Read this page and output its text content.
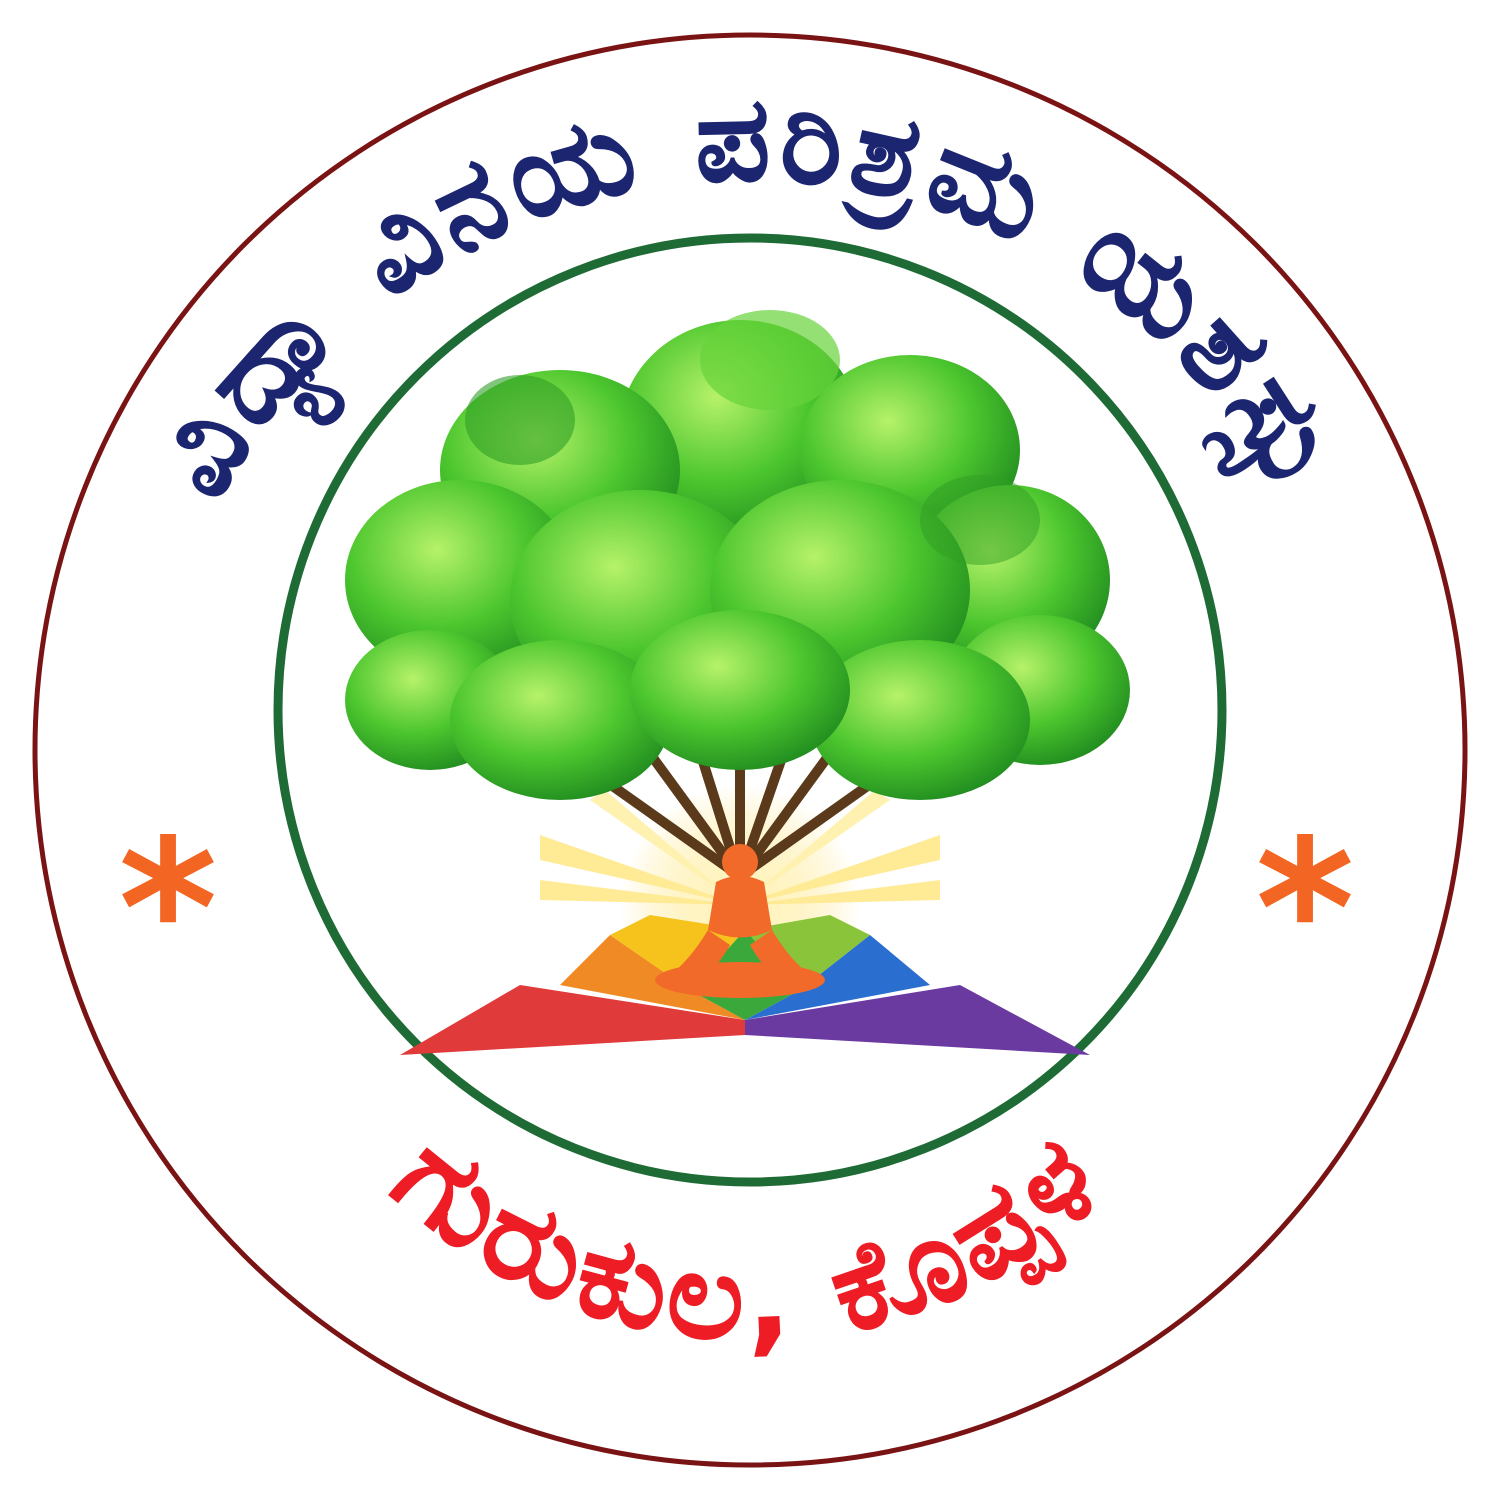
ವಿದ್ಯಾ ವಿನಯ ಪರಿಶ್ರಮ ಯಶಸ್ಸು
ಗುರುಕುಲ, ಕೊಪ್ಪಳ
*	*
